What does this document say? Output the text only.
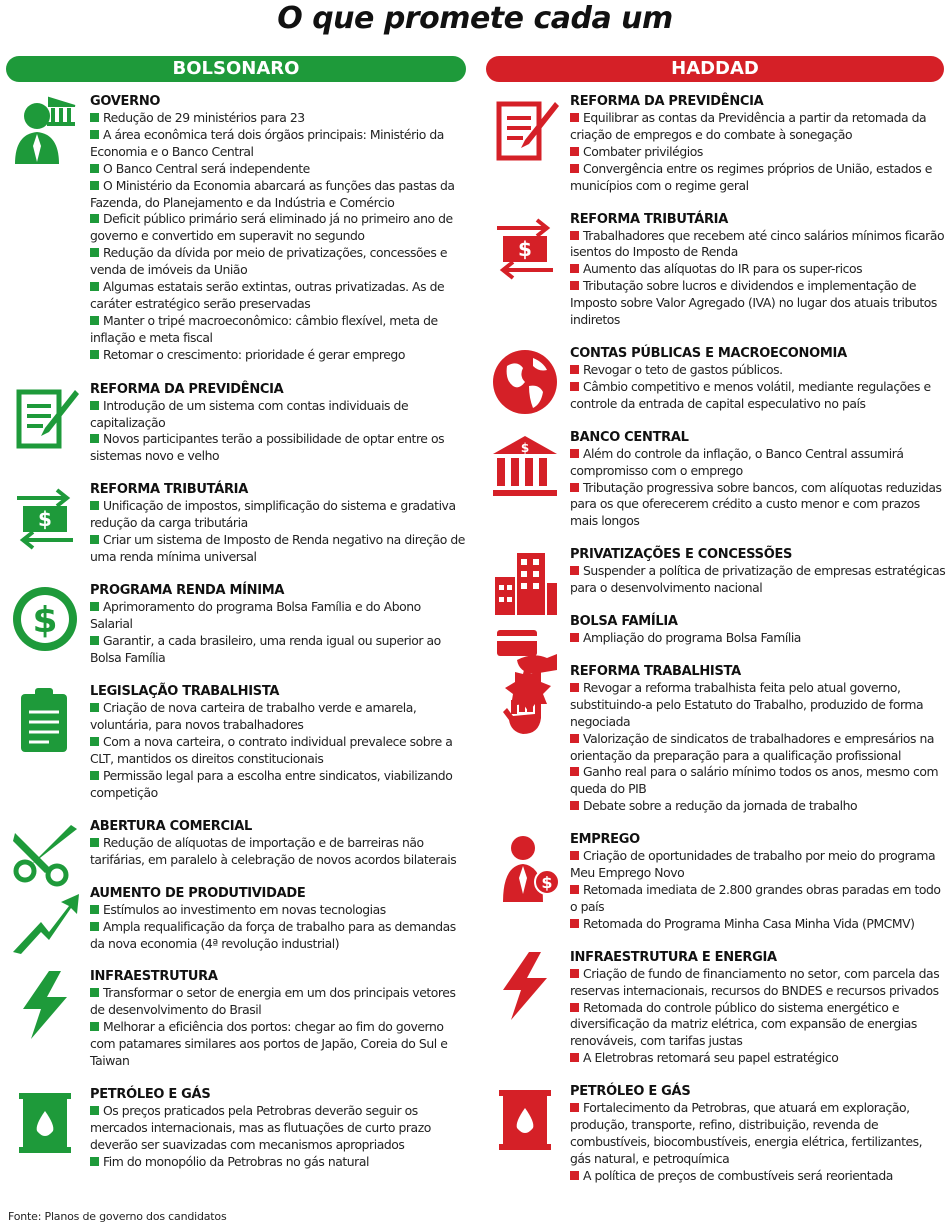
O que promete cada um
BOLSONARO	HADDAD
GOVERNO
Redução de 29 ministérios para 23
A área econômica terá dois órgãos principais: Ministério da Economia e o Banco Central
O Banco Central será independente
O Ministério da Economia abarcará as funções das pastas da Fazenda, do Planejamento e da Indústria e Comércio
Deficit público primário será eliminado já no primeiro ano de governo e convertido em superavit no segundo
Redução da dívida por meio de privatizações, concessões e venda de imóveis da União
Algumas estatais serão extintas, outras privatizadas. As de caráter estratégico serão preservadas
Manter o tripé macroeconômico: câmbio flexível, meta de inflação e meta fiscal
Retomar o crescimento: prioridade é gerar emprego
REFORMA DA PREVIDÊNCIA
Introdução de um sistema com contas individuais de capitalização
Novos participantes terão a possibilidade de optar entre os sistemas novo e velho
$
REFORMA TRIBUTÁRIA
Unificação de impostos, simplificação do sistema e gradativa redução da carga tributária
Criar um sistema de Imposto de Renda negativo na direção de uma renda mínima universal
$
PROGRAMA RENDA MÍNIMA
Aprimoramento do programa Bolsa Família e do Abono Salarial
Garantir, a cada brasileiro, uma renda igual ou superior ao Bolsa Família
LEGISLAÇÃO TRABALHISTA
Criação de nova carteira de trabalho verde e amarela, voluntária, para novos trabalhadores
Com a nova carteira, o contrato individual prevalece sobre a CLT, mantidos os direitos constitucionais
Permissão legal para a escolha entre sindicatos, viabilizando competição
ABERTURA COMERCIAL
Redução de alíquotas de importação e de barreiras não tarifárias, em paralelo à celebração de novos acordos bilaterais
AUMENTO DE PRODUTIVIDADE
Estímulos ao investimento em novas tecnologias
Ampla requalificação da força de trabalho para as demandas da nova economia (4ª revolução industrial)
INFRAESTRUTURA
Transformar o setor de energia em um dos principais vetores de desenvolvimento do Brasil
Melhorar a eficiência dos portos: chegar ao fim do governo com patamares similares aos portos de Japão, Coreia do Sul e Taiwan
PETRÓLEO E GÁS
Os preços praticados pela Petrobras deverão seguir os mercados internacionais, mas as flutuações de curto prazo deverão ser suavizadas com mecanismos apropriados
Fim do monopólio da Petrobras no gás natural
REFORMA DA PREVIDÊNCIA
Equilibrar as contas da Previdência a partir da retomada da criação de empregos e do combate à sonegação
Combater privilégios
Convergência entre os regimes próprios de União, estados e municípios com o regime geral
$
REFORMA TRIBUTÁRIA
Trabalhadores que recebem até cinco salários mínimos ficarão isentos do Imposto de Renda
Aumento das alíquotas do IR para os super-ricos
Tributação sobre lucros e dividendos e implementação de Imposto sobre Valor Agregado (IVA) no lugar dos atuais tributos indiretos
CONTAS PÚBLICAS E MACROECONOMIA
Revogar o teto de gastos públicos.
Câmbio competitivo e menos volátil, mediante regulações e controle da entrada de capital especulativo no país
$
BANCO CENTRAL
Além do controle da inflação, o Banco Central assumirá compromisso com o emprego
Tributação progressiva sobre bancos, com alíquotas reduzidas para os que oferecerem crédito a custo menor e com prazos mais longos
PRIVATIZAÇÕES E CONCESSÕES
Suspender a política de privatização de empresas estratégicas para o desenvolvimento nacional
BOLSA FAMÍLIA
Ampliação do programa Bolsa Família
REFORMA TRABALHISTA
Revogar a reforma trabalhista feita pelo atual governo, substituindo-a pelo Estatuto do Trabalho, produzido de forma negociada
Valorização de sindicatos de trabalhadores e empresários na orientação da preparação para a qualificação profissional
Ganho real para o salário mínimo todos os anos, mesmo com queda do PIB
Debate sobre a redução da jornada de trabalho
$
EMPREGO
Criação de oportunidades de trabalho por meio do programa Meu Emprego Novo
Retomada imediata de 2.800 grandes obras paradas em todo o país
Retomada do Programa Minha Casa Minha Vida (PMCMV)
INFRAESTRUTURA E ENERGIA
Criação de fundo de financiamento no setor, com parcela das reservas internacionais, recursos do BNDES e recursos privados
Retomada do controle público do sistema energético e diversificação da matriz elétrica, com expansão de energias renováveis, com tarifas justas
A Eletrobras retomará seu papel estratégico
PETRÓLEO E GÁS
Fortalecimento da Petrobras, que atuará em exploração, produção, transporte, refino, distribuição, revenda de combustíveis, biocombustíveis, energia elétrica, fertilizantes, gás natural, e petroquímica
A política de preços de combustíveis será reorientada
Fonte: Planos de governo dos candidatos
